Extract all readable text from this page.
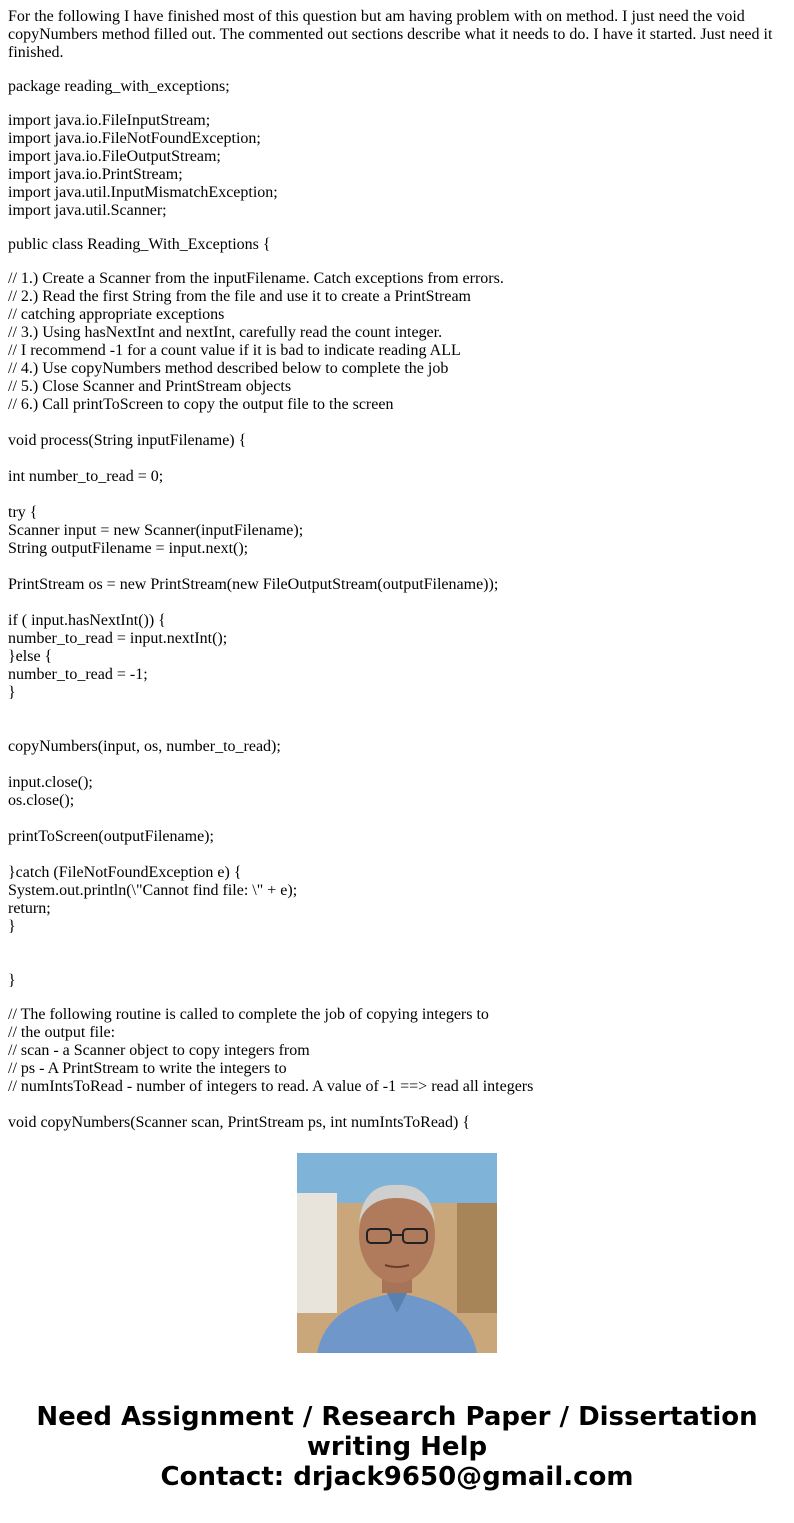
For the following I have finished most of this question but am having problem with on method. I just need the void copyNumbers method filled out. The commented out sections describe what it needs to do. I have it started. Just need it finished.

package reading_with_exceptions;

import java.io.FileInputStream;
import java.io.FileNotFoundException;
import java.io.FileOutputStream;
import java.io.PrintStream;
import java.util.InputMismatchException;
import java.util.Scanner;

public class Reading_With_Exceptions {

// 1.) Create a Scanner from the inputFilename. Catch exceptions from errors.
// 2.) Read the first String from the file and use it to create a PrintStream
// catching appropriate exceptions
// 3.) Using hasNextInt and nextInt, carefully read the count integer.
// I recommend -1 for a count value if it is bad to indicate reading ALL
// 4.) Use copyNumbers method described below to complete the job
// 5.) Close Scanner and PrintStream objects
// 6.) Call printToScreen to copy the output file to the screen
void process(String inputFilename) {
int number_to_read = 0;
try {
Scanner input = new Scanner(inputFilename);
String outputFilename = input.next();
PrintStream os = new PrintStream(new FileOutputStream(outputFilename));
if ( input.hasNextInt()) {
number_to_read = input.nextInt();
}else {
number_to_read = -1;
}
copyNumbers(input, os, number_to_read);
input.close();
os.close();
printToScreen(outputFilename);
}catch (FileNotFoundException e) {
System.out.println(\"Cannot find file: \" + e);
return;
}
}

// The following routine is called to complete the job of copying integers to
// the output file:
// scan - a Scanner object to copy integers from
// ps - A PrintStream to write the integers to
// numIntsToRead - number of integers to read. A value of -1 ==> read all integers
void copyNumbers(Scanner scan, PrintStream ps, int numIntsToRead) {

Need Assignment / Research Paper / Dissertation
writing Help
Contact: drjack9650@gmail.com
